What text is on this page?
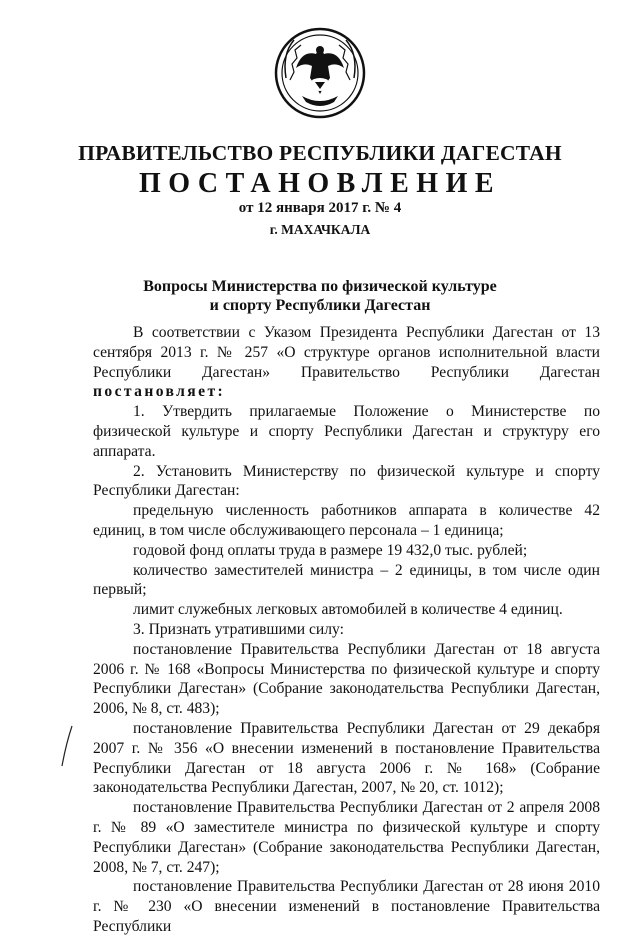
ПРАВИТЕЛЬСТВО РЕСПУБЛИКИ ДАГЕСТАН
ПОСТАНОВЛЕНИЕ
от 12 января 2017 г. № 4
г. МАХАЧКАЛА
Вопросы Министерства по физической культуре
и спорту Республики Дагестан

В соответствии с Указом Президента Республики Дагестан от 13 сентября 2013 г. № 257 «О структуре органов исполнительной власти Республики Дагестан» Правительство Республики Дагестан постановляет:

1. Утвердить прилагаемые Положение о Министерстве по физической культуре и спорту Республики Дагестан и структуру его аппарата.

2. Установить Министерству по физической культуре и спорту Республики Дагестан:

предельную численность работников аппарата в количестве 42 единиц, в том числе обслуживающего персонала – 1 единица;

годовой фонд оплаты труда в размере 19 432,0 тыс. рублей;

количество заместителей министра – 2 единицы, в том числе один первый;

лимит служебных легковых автомобилей в количестве 4 единиц.

3. Признать утратившими силу:

постановление Правительства Республики Дагестан от 18 августа 2006 г. № 168 «Вопросы Министерства по физической культуре и спорту Республики Дагестан» (Собрание законодательства Республики Дагестан, 2006, № 8, ст. 483);

постановление Правительства Республики Дагестан от 29 декабря 2007 г. № 356 «О внесении изменений в постановление Правительства Республики Дагестан от 18 августа 2006 г. № 168» (Собрание законодательства Республики Дагестан, 2007, № 20, ст. 1012);

постановление Правительства Республики Дагестан от 2 апреля 2008 г. № 89 «О заместителе министра по физической культуре и спорту Республики Дагестан» (Собрание законодательства Республики Дагестан, 2008, № 7, ст. 247);

постановление Правительства Республики Дагестан от 28 июня 2010 г. № 230 «О внесении изменений в постановление Правительства Республики
